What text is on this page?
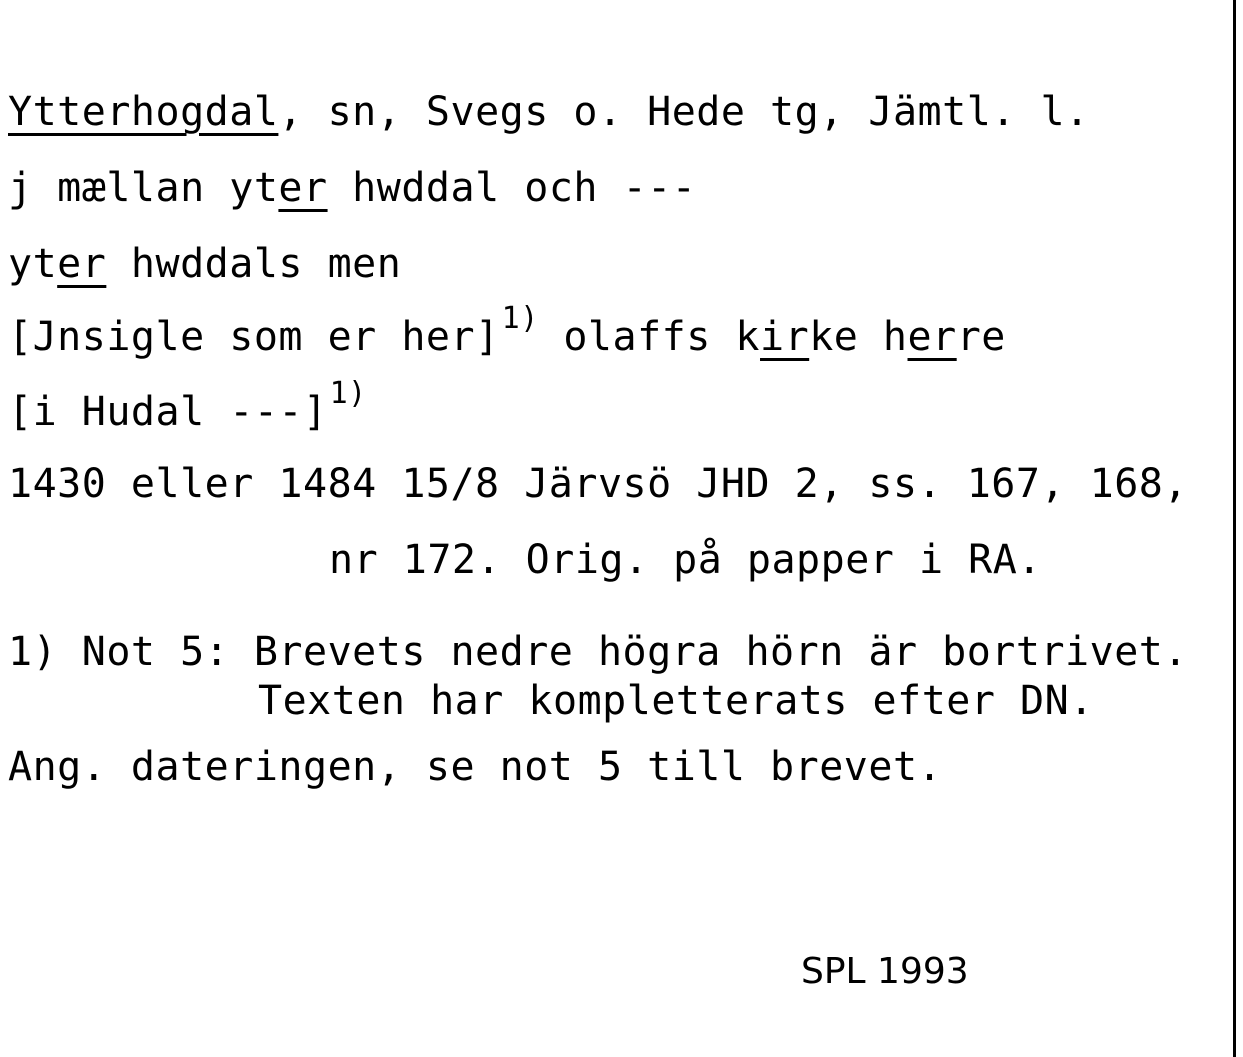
Ytterhogdal, sn, Svegs o. Hede tg, Jämtl. l.
j mællan yter hwddal och ---
yter hwddals men
[Jnsigle som er her]$^{1)}$ olaffs kirke herre
[i Hudal ---]$^{1)}$
1430 eller 1484 15/8 Järvsö JHD 2, ss. 167, 168,
nr 172. Orig. på papper i RA.
1) Not 5: Brevets nedre högra hörn är bortrivet.
Texten har kompletterats efter DN.
Ang. dateringen, se not 5 till brevet.
SPL 1993
